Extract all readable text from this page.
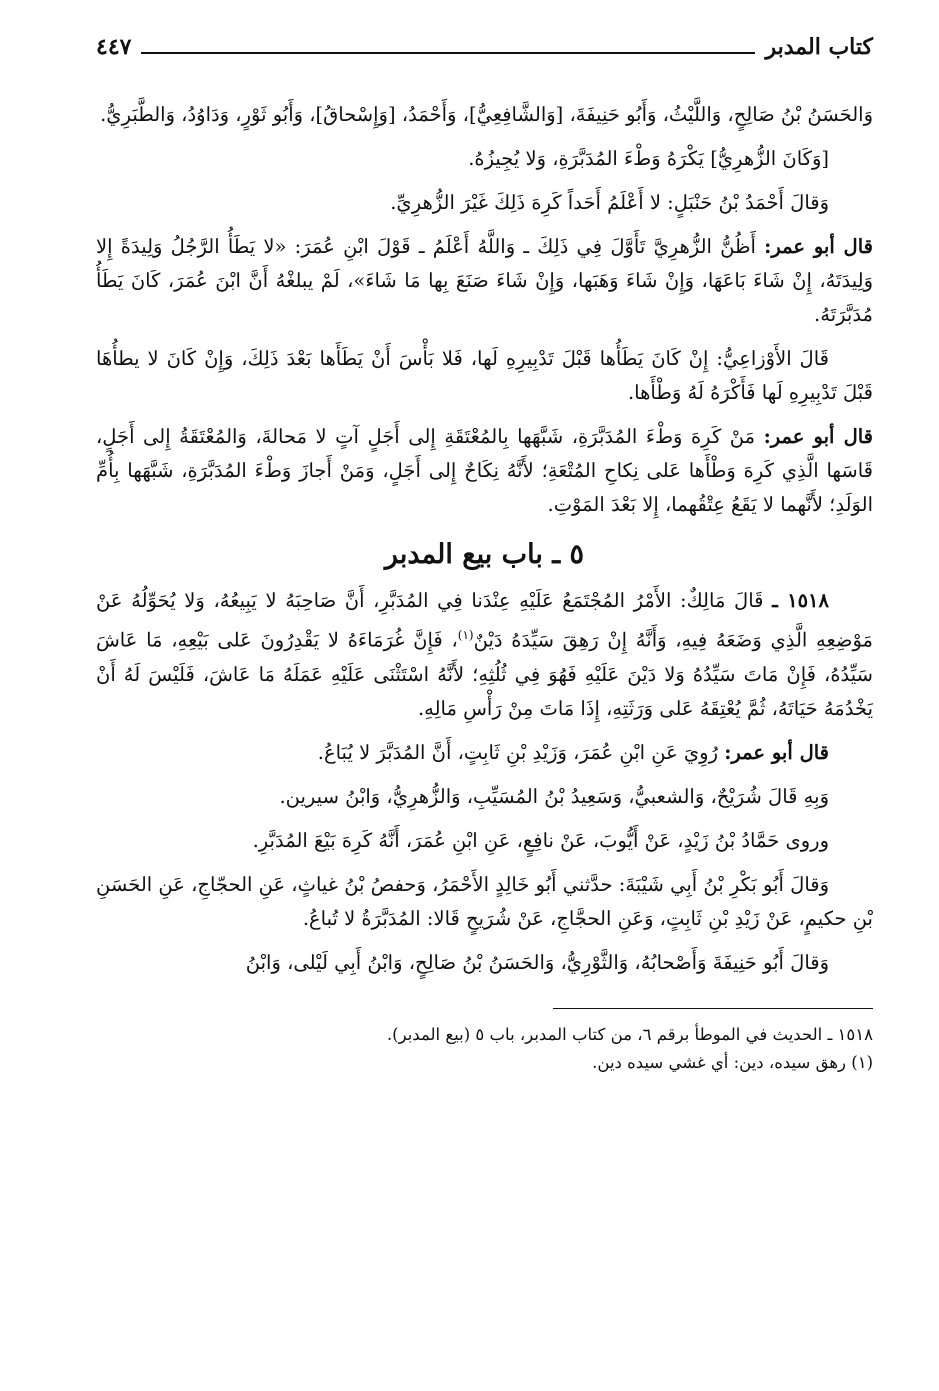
كتاب المدبر
٤٤٧

وَالحَسَنُ بْنُ صَالِحٍ، وَاللَّيْثُ، وَأَبُو حَنِيفَةَ، [وَالشَّافِعِيُّ]، وَأَحْمَدُ، [وَإِسْحاقُ]، وَأَبُو ثَوْرٍ، وَدَاوُدُ، وَالطَّبَرِيُّ.

[وَكَانَ الزُّهرِيُّ] يَكْرَهُ وَطْءَ المُدَبَّرَةِ، وَلا يُجِيزُهُ.

وَقالَ أَحْمَدُ بْنُ حَنْبَلٍ: لا أَعْلَمُ أَحَداً كَرِهَ ذَلِكَ غَيْرَ الزُّهرِيِّ.

قال أبو عمر: أَظُنُّ الزُّهرِيَّ تَأَوَّلَ فِي ذَلِكَ ـ وَاللَّهُ أَعْلَمُ ـ قَوْلَ ابْنِ عُمَرَ: «لا يَطَأُ الرَّجُلُ وَلِيدَةً إِلا وَلِيدَتَهُ، إِنْ شَاءَ بَاعَهَا، وَإِنْ شَاءَ وَهَبَها، وَإِنْ شَاءَ صَنَعَ بِها مَا شَاءَ»، لَمْ يبلغْهُ أَنَّ ابْنَ عُمَرَ، كَانَ يَطَأُ مُدَبَّرَتَهُ.

قَالَ الأَوْزاعِيُّ: إِنْ كَانَ يَطَأُها قَبْلَ تَدْبِيرِهِ لَها، فَلا بَأْسَ أَنْ يَطَأَها بَعْدَ ذَلِكَ، وَإِنْ كَانَ لا يطأُهَا قَبْلَ تَدْبِيرِهِ لَها فَأَكْرَهُ لَهُ وَطْأَها.

قال أبو عمر: مَنْ كَرِهَ وَطْءَ المُدَبَّرَةِ، شَبَّهَها بِالمُعْتَقَةِ إِلى أَجَلٍ آتٍ لا مَحالةَ، وَالمُعْتَقَةُ إِلى أَجَلٍ، قَاسَها الَّذِي كَرِهَ وَطْأَها عَلى نِكاحِ المُتْعَةِ؛ لأَنَّهُ نِكَاحٌ إِلى أَجَلٍ، وَمَنْ أَجازَ وَطْءَ المُدَبَّرَةِ، شَبَّهَها بِأُمِّ الوَلَدِ؛ لأَنَّهما لا يَقَعُ عِتْقُهما، إِلا بَعْدَ المَوْتِ.

٥ ـ باب بيع المدبر

١٥١٨ ـ قَالَ مَالِكٌ: الأَمْرُ المُجْتَمَعُ عَلَيْهِ عِنْدَنا فِي المُدَبَّرِ، أَنَّ صَاحِبَهُ لا يَبِيعُهُ، وَلا يُحَوِّلُهُ عَنْ مَوْضِعِهِ الَّذِي وَضَعَهُ فِيهِ، وَأَنَّهُ إِنْ رَهِقَ سَيِّدَهُ دَيْنٌ$^{(١)}$، فَإِنَّ غُرَمَاءَهُ لا يَقْدِرُونَ عَلى بَيْعِهِ، مَا عَاشَ سَيِّدُهُ، فَإِنْ مَاتَ سَيِّدُهُ وَلا دَيْنَ عَلَيْهِ فَهُوَ فِي ثُلُثِهِ؛ لأَنَّهُ اسْتَثْنَى عَلَيْهِ عَمَلَهُ مَا عَاشَ، فَلَيْسَ لَهُ أَنْ يَخْدُمَهُ حَيَاتَهُ، ثُمَّ يُعْتِقَهُ عَلى وَرَثَتِهِ، إِذَا مَاتَ مِنْ رَأْسِ مَالِهِ.

قال أبو عمر: رُوِيَ عَنِ ابْنِ عُمَرَ، وَزَيْدِ بْنِ ثَابِتٍ، أَنَّ المُدَبَّرَ لا يُبَاعُ.

وَبِهِ قَالَ شُرَيْحٌ، وَالشعبيُّ، وَسَعِيدُ بْنُ المُسَيِّبِ، وَالزُّهرِيُّ، وَابْنُ سيرين.

وروى حَمَّادُ بْنُ زَيْدٍ، عَنْ أَيُّوبَ، عَنْ نافِعٍ، عَنِ ابْنِ عُمَرَ، أَنَّهُ كَرِهَ بَيْعَ المُدَبَّرِ.

وَقالَ أَبُو بَكْرِ بْنُ أَبِي شَيْبَةَ: حدَّثني أَبُو خَالِدٍ الأَحْمَرُ، وَحفصُ بْنُ غياثٍ، عَنِ الحجّاجِ، عَنِ الحَسَنِ بْنِ حكيمٍ، عَنْ زَيْدِ بْنِ ثَابِتٍ، وَعَنِ الحجَّاجِ، عَنْ شُرَيحٍ قَالا: المُدَبَّرَةُ لا تُباعُ.

وَقالَ أَبُو حَنِيفَةَ وَأَصْحابُهُ، وَالثَّوْرِيُّ، وَالحَسَنُ بْنُ صَالِحٍ، وَابْنُ أَبِي لَيْلى، وَابْنُ

١٥١٨ ـ الحديث في الموطأ برقم ٦، من كتاب المدبر، باب ٥ (بيع المدبر).

(١) رهق سيده، دين: أي غشي سيده دين.
